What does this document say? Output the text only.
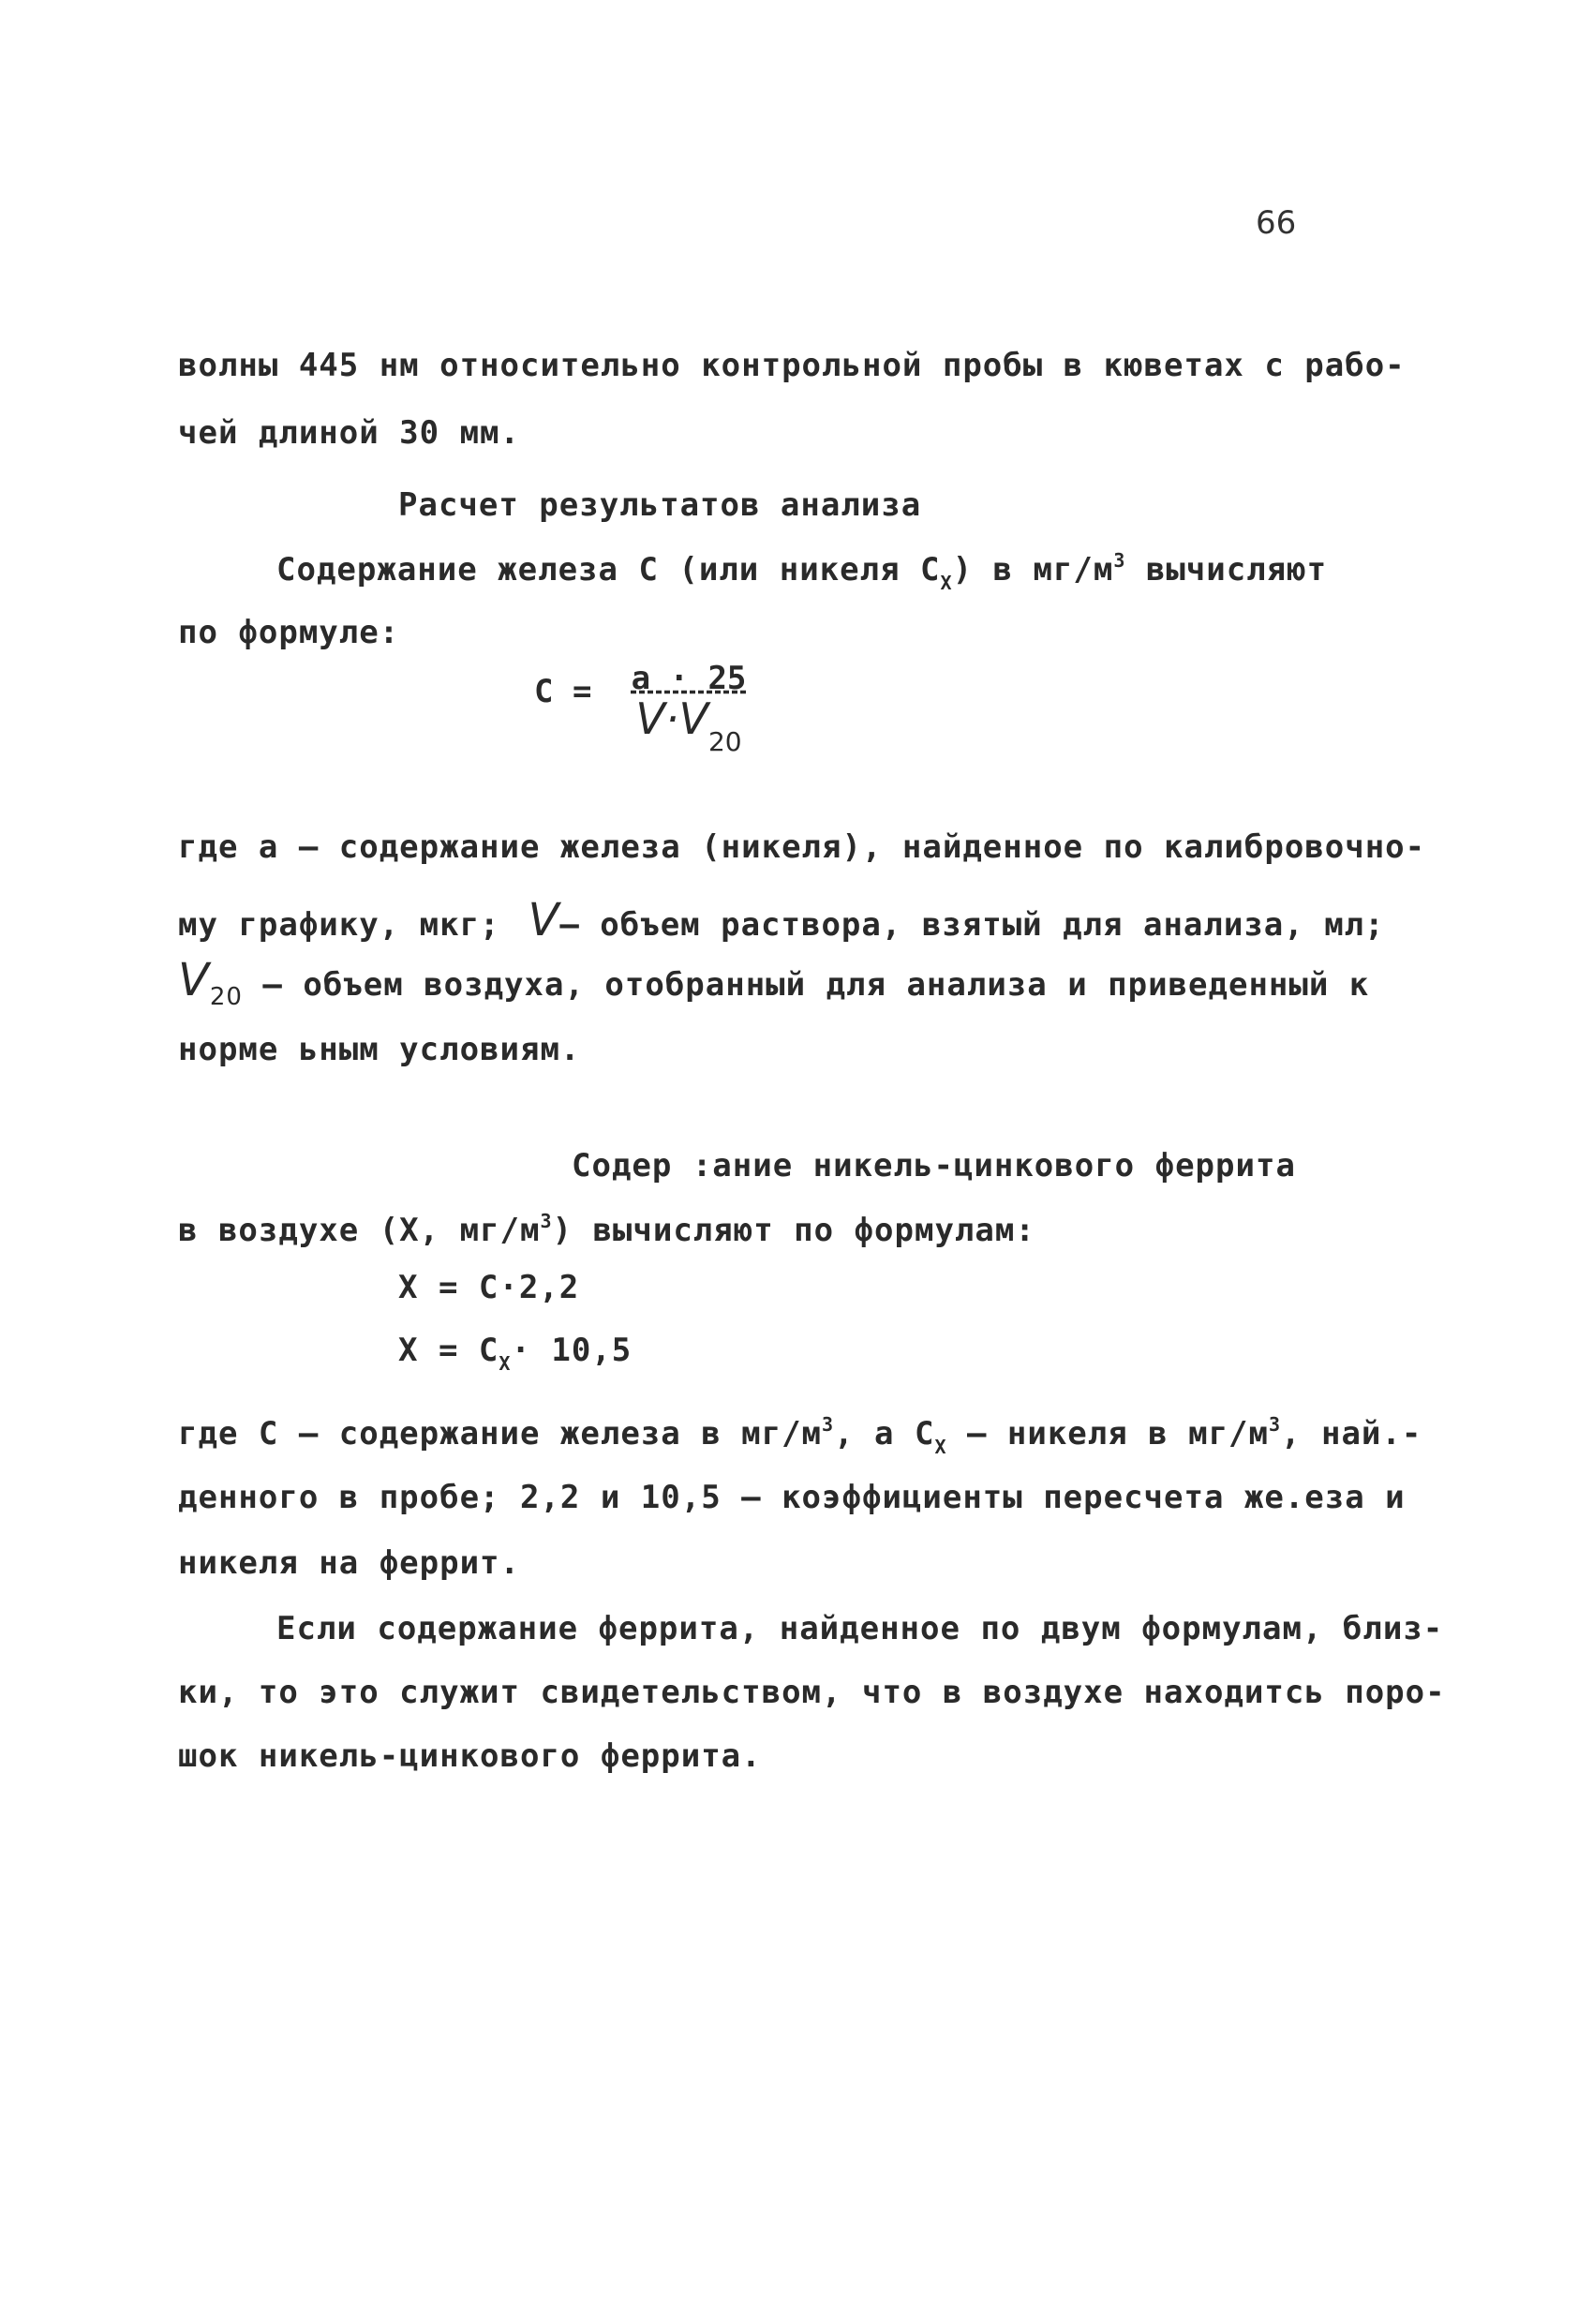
66

волны 445 нм относительно контрольной пробы в кюветах с рабо-

чей длиной 30 мм.

Расчет результатов анализа

Содержание железа С (или никеля $С_Х$) в $мг/м^3$ вычисляют

по формуле:

С =	a · 25
$V\cdot V_{20}$

где a – содержание железа (никеля), найденное по калибровочно-

му графику, мкг; V– объем раствора, взятый для анализа, мл;

$V_{20}$ – объем воздуха, отобранный для анализа и приведенный к

норме ьным условиям.

Содер :ание никель-цинкового феррита

в воздухе (Х, $мг/м^3$) вычисляют по формулам:

Х = С·2,2

$Х = С_Х\cdot 10,5$

где С – содержание железа в $мг/м^3$, а $С_Х$ – никеля в $мг/м^3$, най.-

денного в пробе; 2,2 и 10,5 – коэффициенты пересчета же.еза и

никеля на феррит.

Если содержание феррита, найденное по двум формулам, близ-

ки, то это служит свидетельством, что в воздухе находитсь поро-

шок никель-цинкового феррита.
